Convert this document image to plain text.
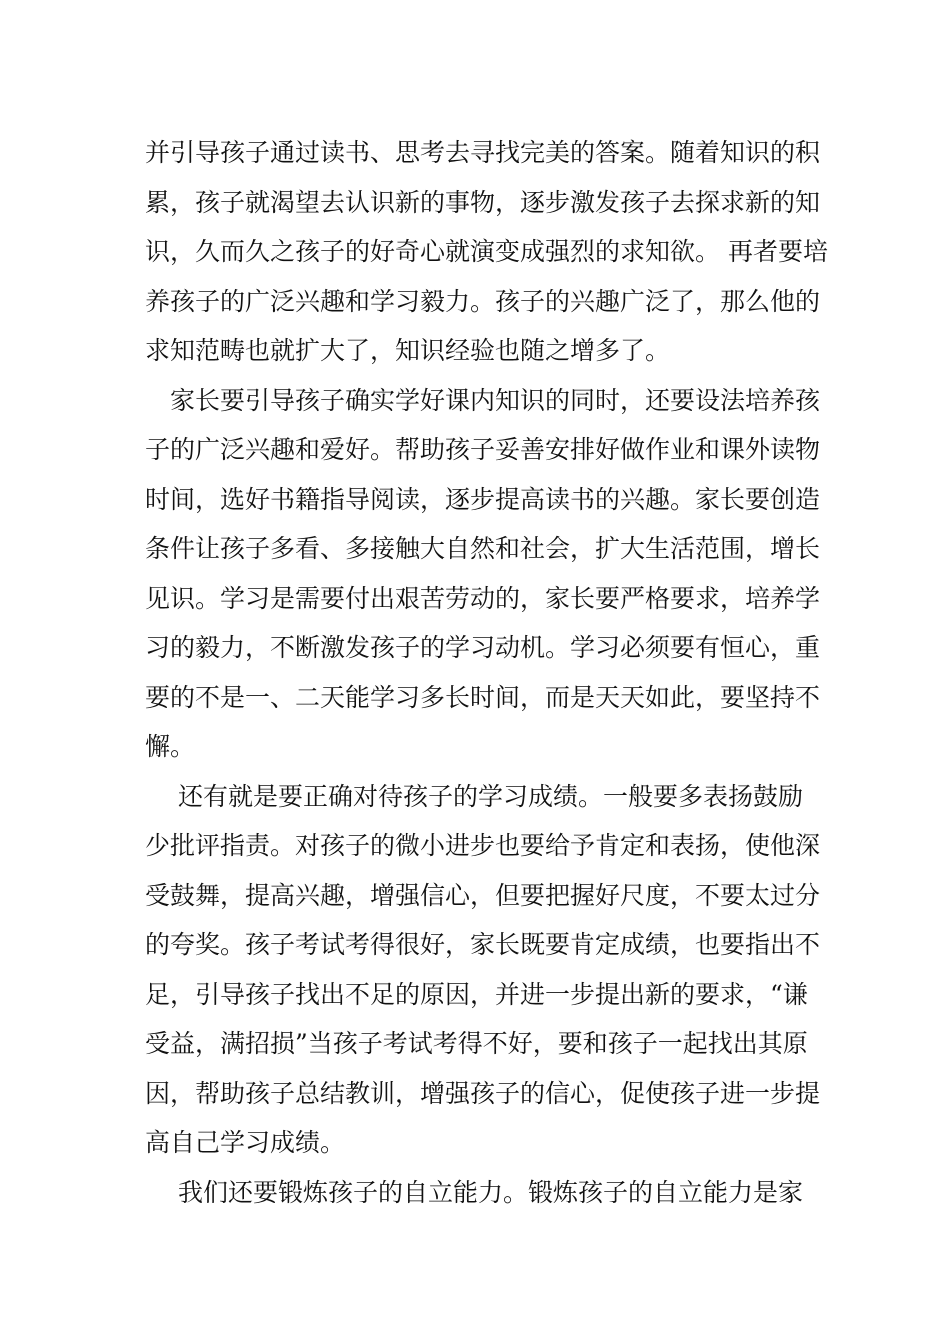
并引导孩子通过读书、思考去寻找完美的答案。随着知识的积
累，孩子就渴望去认识新的事物，逐步激发孩子去探求新的知
识，久而久之孩子的好奇心就演变成强烈的求知欲。 再者要培
养孩子的广泛兴趣和学习毅力。孩子的兴趣广泛了，那么他的
求知范畴也就扩大了，知识经验也随之增多了。
　家长要引导孩子确实学好课内知识的同时，还要设法培养孩
子的广泛兴趣和爱好。帮助孩子妥善安排好做作业和课外读物
时间，选好书籍指导阅读，逐步提高读书的兴趣。家长要创造
条件让孩子多看、多接触大自然和社会，扩大生活范围，增长
见识。学习是需要付出艰苦劳动的，家长要严格要求，培养学
习的毅力，不断激发孩子的学习动机。学习必须要有恒心，重
要的不是一、二天能学习多长时间，而是天天如此，要坚持不
懈。
　 还有就是要正确对待孩子的学习成绩。一般要多表扬鼓励
少批评指责。对孩子的微小进步也要给予肯定和表扬，使他深
受鼓舞，提高兴趣，增强信心，但要把握好尺度，不要太过分
的夸奖。孩子考试考得很好，家长既要肯定成绩，也要指出不
足，引导孩子找出不足的原因，并进一步提出新的要求，“谦
受益，满招损”当孩子考试考得不好，要和孩子一起找出其原
因，帮助孩子总结教训，增强孩子的信心，促使孩子进一步提
高自己学习成绩。
　 我们还要锻炼孩子的自立能力。锻炼孩子的自立能力是家
